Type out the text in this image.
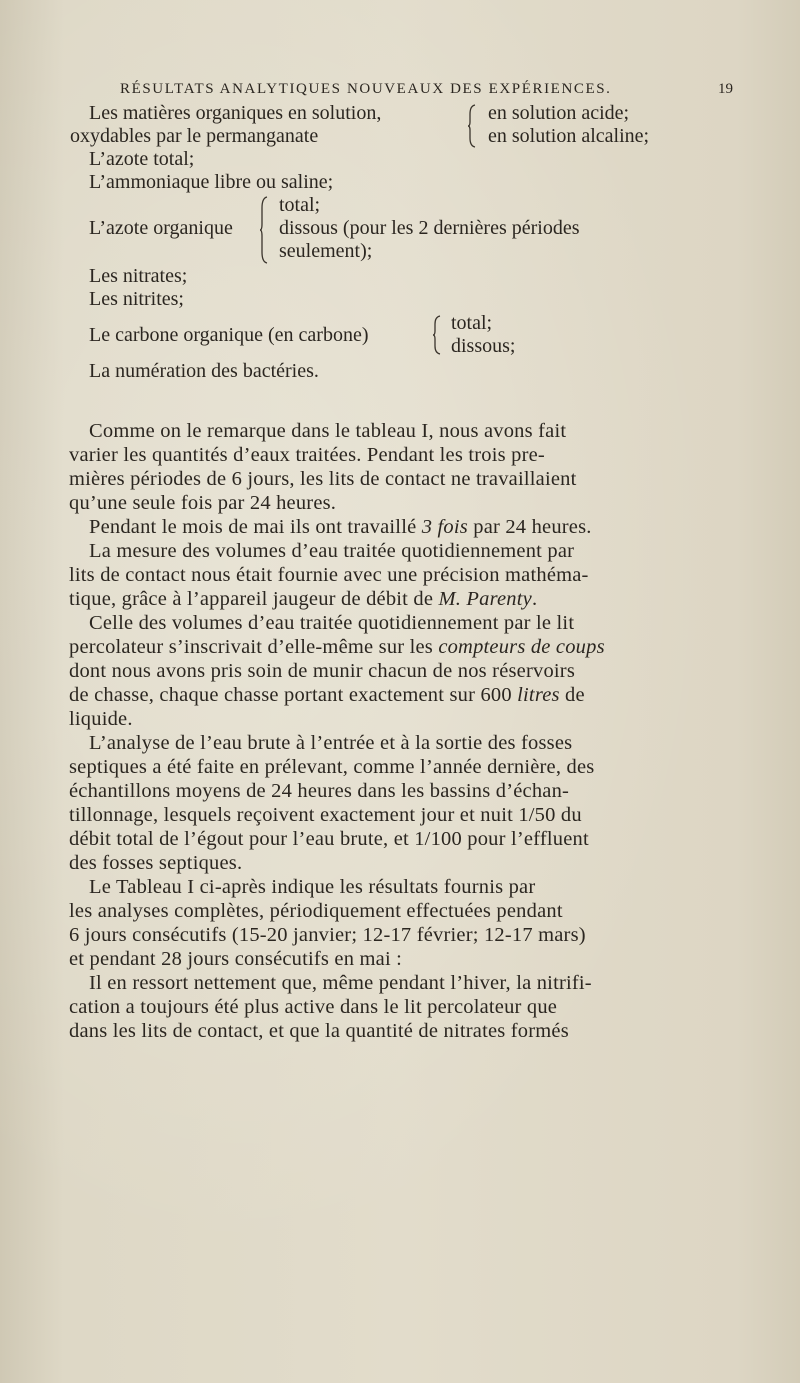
RÉSULTATS ANALYTIQUES NOUVEAUX DES EXPÉRIENCES.	19
Les matières organiques en solution,
oxydables par le permanganate
en solution acide;
en solution alcaline;
L’azote total;
L’ammoniaque libre ou saline;
L’azote organique
total;
dissous (pour les 2 dernières périodes
seulement);
Les nitrates;
Les nitrites;
Le carbone organique (en carbone)
total;
dissous;
La numération des bactéries.
Comme on le remarque dans le tableau I, nous avons fait
varier les quantités d’eaux traitées. Pendant les trois pre-
mières périodes de 6 jours, les lits de contact ne travaillaient
qu’une seule fois par 24 heures.
Pendant le mois de mai ils ont travaillé 3 fois par 24 heures.
La mesure des volumes d’eau traitée quotidiennement par
lits de contact nous était fournie avec une précision mathéma-
tique, grâce à l’appareil jaugeur de débit de M. Parenty.
Celle des volumes d’eau traitée quotidiennement par le lit
percolateur s’inscrivait d’elle-même sur les compteurs de coups
dont nous avons pris soin de munir chacun de nos réservoirs
de chasse, chaque chasse portant exactement sur 600 litres de
liquide.
L’analyse de l’eau brute à l’entrée et à la sortie des fosses
septiques a été faite en prélevant, comme l’année dernière, des
échantillons moyens de 24 heures dans les bassins d’échan-
tillonnage, lesquels reçoivent exactement jour et nuit 1/50 du
débit total de l’égout pour l’eau brute, et 1/100 pour l’effluent
des fosses septiques.
Le Tableau I ci-après indique les résultats fournis par
les analyses complètes, périodiquement effectuées pendant
6 jours consécutifs (15-20 janvier; 12-17 février; 12-17 mars)
et pendant 28 jours consécutifs en mai :
Il en ressort nettement que, même pendant l’hiver, la nitrifi-
cation a toujours été plus active dans le lit percolateur que
dans les lits de contact, et que la quantité de nitrates formés
